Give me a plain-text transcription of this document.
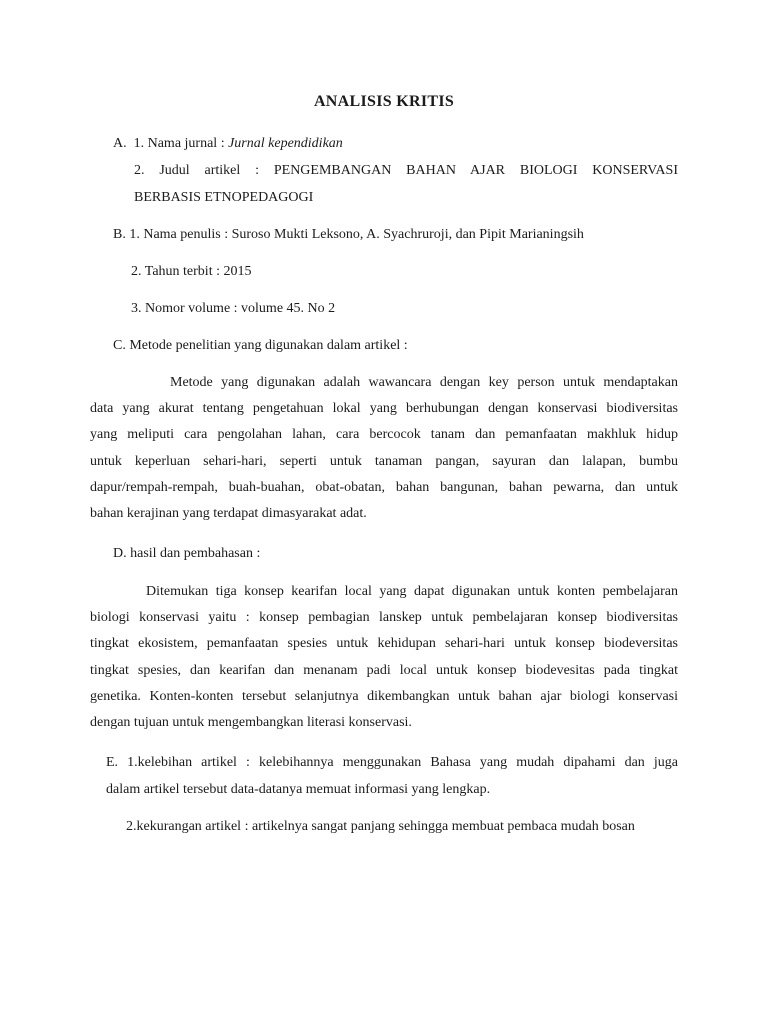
ANALISIS KRITIS
A.  1. Nama jurnal : Jurnal kependidikan
2. Judul artikel : PENGEMBANGAN BAHAN AJAR BIOLOGI KONSERVASI
BERBASIS ETNOPEDAGOGI
B. 1. Nama penulis : Suroso Mukti Leksono, A. Syachruroji, dan Pipit Marianingsih
2. Tahun terbit : 2015
3. Nomor volume : volume 45. No 2
C. Metode penelitian yang digunakan dalam artikel :
Metode yang digunakan adalah wawancara dengan key person untuk mendaptakan
data yang akurat tentang pengetahuan lokal yang berhubungan dengan konservasi biodiversitas
yang meliputi cara pengolahan lahan, cara bercocok tanam dan pemanfaatan makhluk hidup
untuk keperluan sehari-hari, seperti untuk tanaman pangan, sayuran dan lalapan, bumbu
dapur/rempah-rempah, buah-buahan, obat-obatan, bahan bangunan, bahan pewarna, dan untuk
bahan kerajinan yang terdapat dimasyarakat adat.
D. hasil dan pembahasan :
Ditemukan tiga konsep kearifan local yang dapat digunakan untuk konten pembelajaran
biologi konservasi yaitu : konsep pembagian lanskep untuk pembelajaran konsep biodiversitas
tingkat ekosistem, pemanfaatan spesies untuk kehidupan sehari-hari untuk konsep biodeversitas
tingkat spesies, dan kearifan dan menanam padi local untuk konsep biodevesitas pada tingkat
genetika. Konten-konten tersebut selanjutnya dikembangkan untuk bahan ajar biologi konservasi
dengan tujuan untuk mengembangkan literasi konservasi.
E. 1.kelebihan artikel : kelebihannya menggunakan Bahasa yang mudah dipahami dan juga
dalam artikel tersebut data-datanya memuat informasi yang lengkap.
2.kekurangan artikel : artikelnya sangat panjang sehingga membuat pembaca mudah bosan
